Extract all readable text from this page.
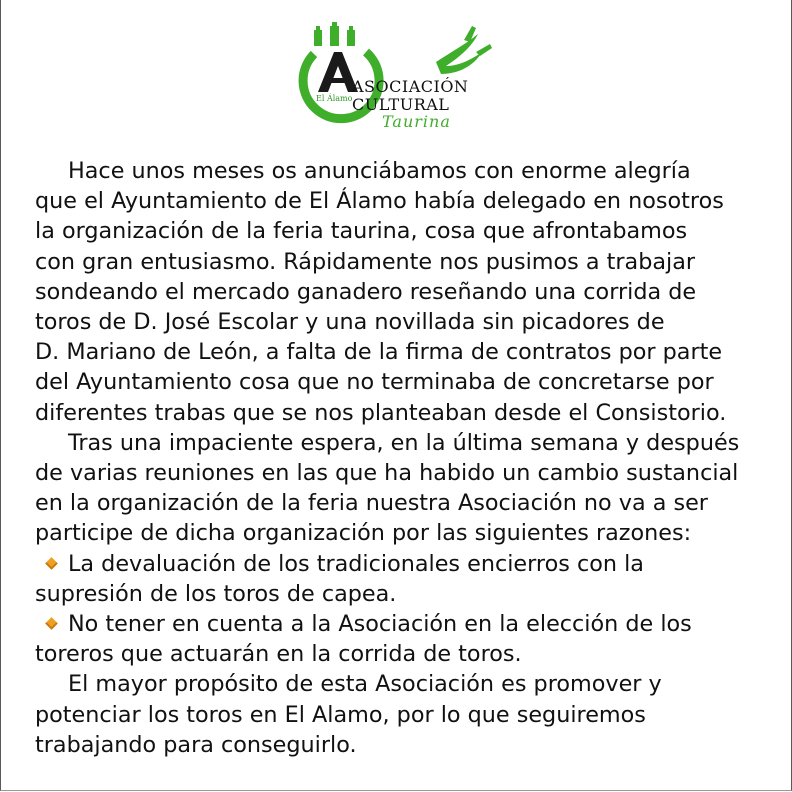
El Álamo
ASOCIACIÓN
CULTURAL
Taurina

Hace unos meses os anunciábamos con enorme alegría

que el Ayuntamiento de El Álamo había delegado en nosotros

la organización de la feria taurina, cosa que afrontabamos

con gran entusiasmo. Rápidamente nos pusimos a trabajar

sondeando el mercado ganadero reseñando una corrida de

toros de D. José Escolar y una novillada sin picadores de

D. Mariano de León, a falta de la firma de contratos por parte

del Ayuntamiento cosa que no terminaba de concretarse por

diferentes trabas que se nos planteaban desde el Consistorio.

Tras una impaciente espera, en la última semana y después

de varias reuniones en las que ha habido un cambio sustancial

en la organización de la feria nuestra Asociación no va a ser

participe de dicha organización por las siguientes razones:

La devaluación de los tradicionales encierros con la

supresión de los toros de capea.

No tener en cuenta a la Asociación en la elección de los

toreros que actuarán en la corrida de toros.

El mayor propósito de esta Asociación es promover y

potenciar los toros en El Alamo, por lo que seguiremos

trabajando para conseguirlo.
